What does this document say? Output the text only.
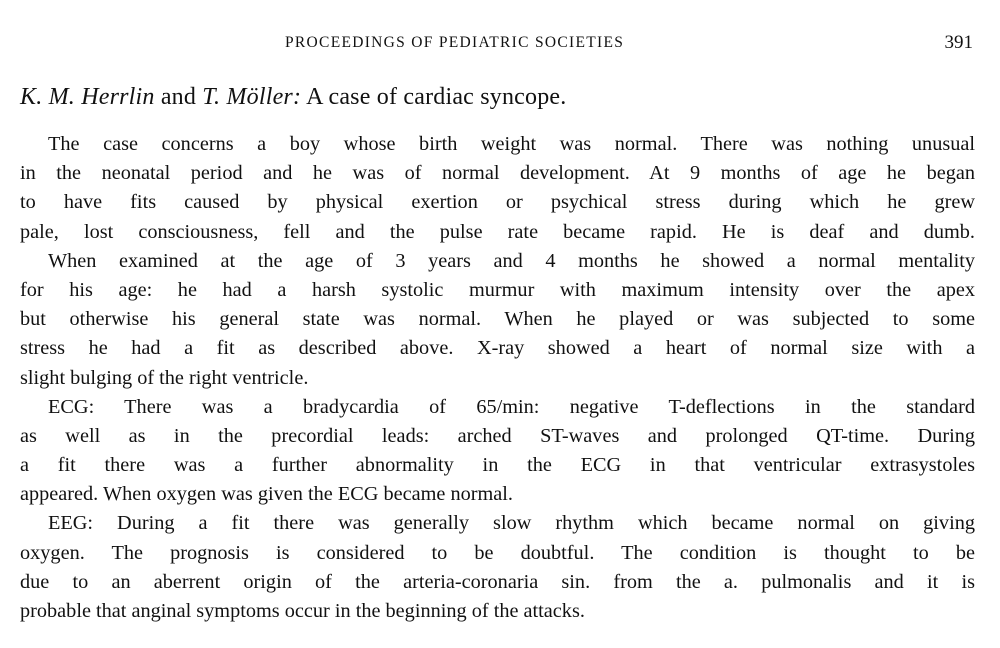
PROCEEDINGS OF PEDIATRIC SOCIETIES	391
K. M. Herrlin and T. Möller: A case of cardiac syncope.
The case concerns a boy whose birth weight was normal. There was nothing unusual
in the neonatal period and he was of normal development. At 9 months of age he began
to have fits caused by physical exertion or psychical stress during which he grew
pale, lost consciousness, fell and the pulse rate became rapid. He is deaf and dumb.
When examined at the age of 3 years and 4 months he showed a normal mentality
for his age: he had a harsh systolic murmur with maximum intensity over the apex
but otherwise his general state was normal. When he played or was subjected to some
stress he had a fit as described above. X-ray showed a heart of normal size with a
slight bulging of the right ventricle.
ECG: There was a bradycardia of 65/min: negative T-deflections in the standard
as well as in the precordial leads: arched ST-waves and prolonged QT-time. During
a fit there was a further abnormality in the ECG in that ventricular extrasystoles
appeared. When oxygen was given the ECG became normal.
EEG: During a fit there was generally slow rhythm which became normal on giving
oxygen. The prognosis is considered to be doubtful. The condition is thought to be
due to an aberrent origin of the arteria-coronaria sin. from the a. pulmonalis and it is
probable that anginal symptoms occur in the beginning of the attacks.
